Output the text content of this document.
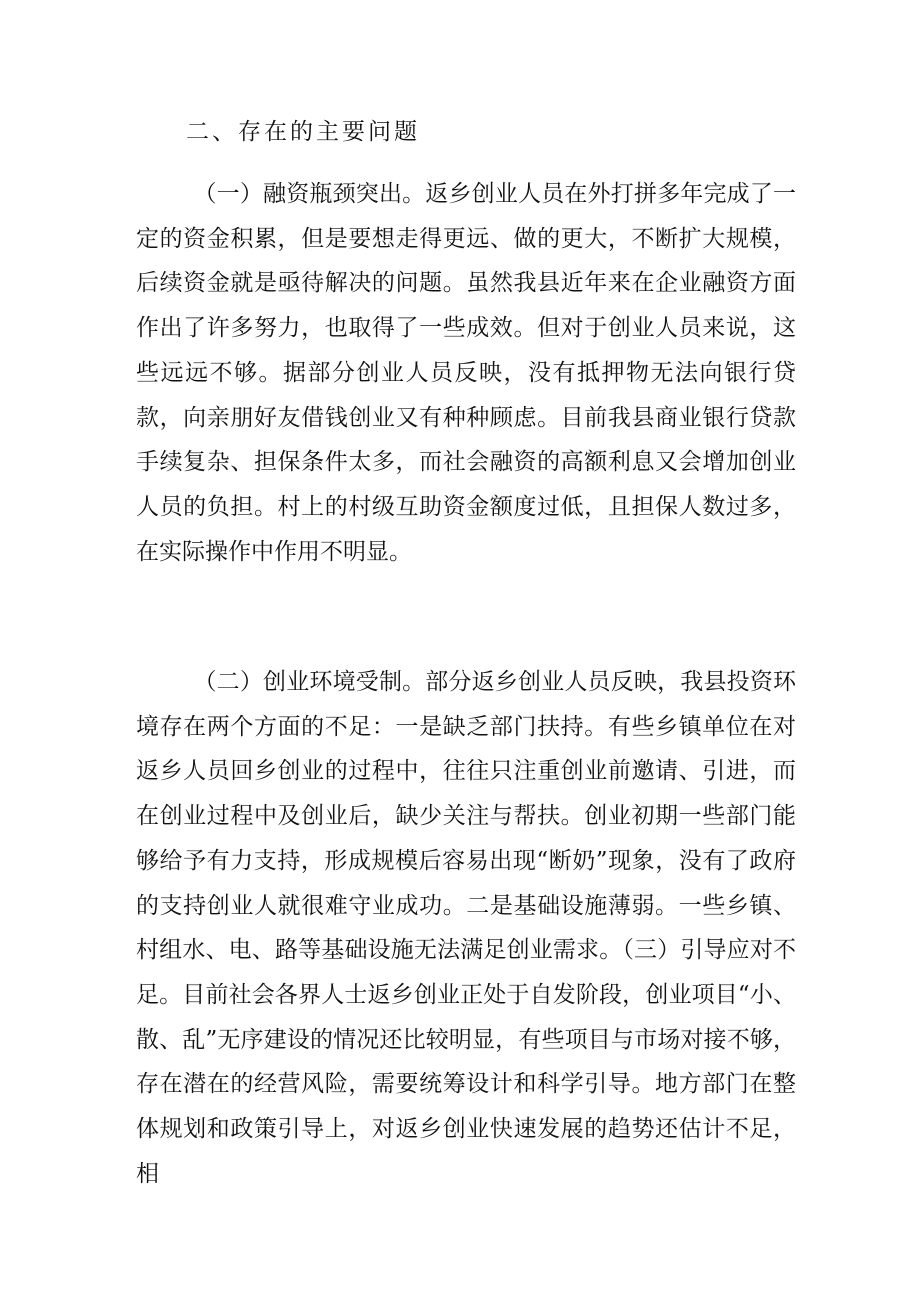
二、存在的主要问题

（一）融资瓶颈突出。返乡创业人员在外打拼多年完成了一定的资金积累，但是要想走得更远、做的更大，不断扩大规模，后续资金就是亟待解决的问题。虽然我县近年来在企业融资方面作出了许多努力，也取得了一些成效。但对于创业人员来说，这些远远不够。据部分创业人员反映，没有抵押物无法向银行贷款，向亲朋好友借钱创业又有种种顾虑。目前我县商业银行贷款手续复杂、担保条件太多，而社会融资的高额利息又会增加创业人员的负担。村上的村级互助资金额度过低，且担保人数过多，在实际操作中作用不明显。

（二）创业环境受制。部分返乡创业人员反映，我县投资环境存在两个方面的不足：一是缺乏部门扶持。有些乡镇单位在对返乡人员回乡创业的过程中，往往只注重创业前邀请、引进，而在创业过程中及创业后，缺少关注与帮扶。创业初期一些部门能够给予有力支持，形成规模后容易出现“断奶”现象，没有了政府的支持创业人就很难守业成功。二是基础设施薄弱。一些乡镇、村组水、电、路等基础设施无法满足创业需求。（三）引导应对不足。目前社会各界人士返乡创业正处于自发阶段，创业项目“小、散、乱”无序建设的情况还比较明显，有些项目与市场对接不够，存在潜在的经营风险，需要统筹设计和科学引导。地方部门在整体规划和政策引导上，对返乡创业快速发展的趋势还估计不足，相
